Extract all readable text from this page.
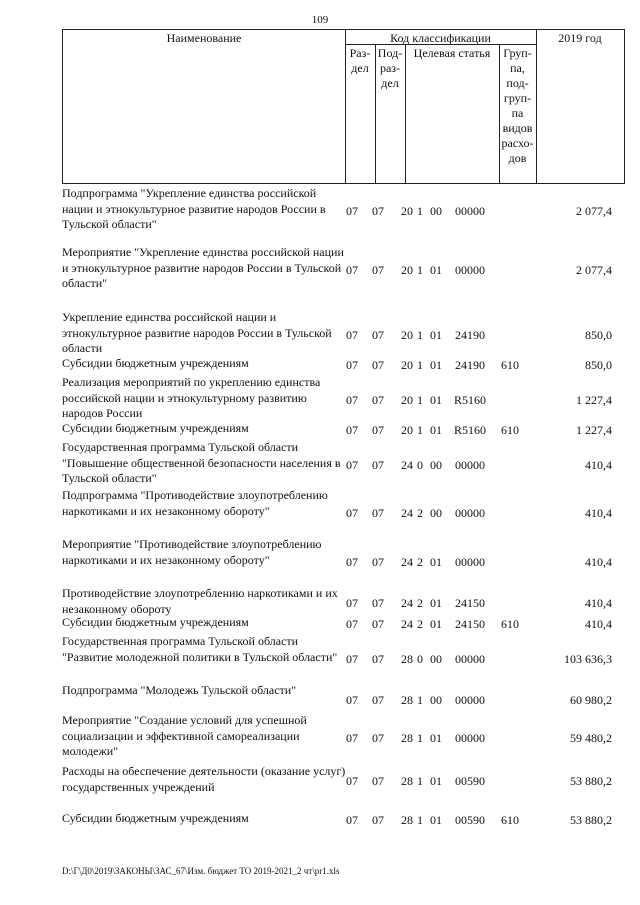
109
Наименование	Код классификации
Раз-
дел
Под-
раз-
дел
Целевая статья	Груп-
па,
под-
груп-
па
видов
расхо-
дов
2019 год
Подпрограмма "Укрепление единства российской нации и этнокультурное развитие народов России в Тульской области"
07	07	20 1 00	00000	2 077,4
Мероприятие "Укрепление единства российской нации и этнокультурное развитие народов России в Тульской области"
07	07	20 1 01	00000	2 077,4
Укрепление единства российской нации и этнокультурное развитие народов России в Тульской области
07	07	20 1 01	24190	850,0
Субсидии бюджетным учреждениям	07	07	20 1 01	24190	610	850,0
Реализация мероприятий по укреплению единства российской нации и этнокультурному развитию народов России
07	07	20 1 01 R5160	1 227,4
Субсидии бюджетным учреждениям	07	07	20 1 01 R5160	610	1 227,4
Государственная программа Тульской области "Повышение общественной безопасности населения в Тульской области"
07	07	24 0 00	00000	410,4
Подпрограмма "Противодействие злоупотреблению наркотиками и их незаконному обороту"	07	07	24 2 00	00000	410,4
Мероприятие "Противодействие злоупотреблению наркотиками и их незаконному обороту"	07	07	24 2 01	00000	410,4
Противодействие злоупотреблению наркотиками и их незаконному обороту	07	07	24 2 01	24150	410,4
Субсидии бюджетным учреждениям	07	07	24 2 01	24150	610	410,4
Государственная программа Тульской области "Развитие молодежной политики в Тульской области" 07	07	28 0 00	00000	103 636,3
Подпрограмма "Молодежь Тульской области"
07	07	28 1 00	00000	60 980,2
Мероприятие "Создание условий для успешной социализации и эффективной самореализации молодежи"
07	07	28 1 01	00000	59 480,2
Расходы на обеспечение деятельности (оказание услуг) государственных учреждений	07	07	28 1 01	00590	53 880,2
Субсидии бюджетным учреждениям	07	07	28 1 01	00590	610	53 880,2
D:\Г\Д0\2019\ЗАКОНЫ\ЗАС_67\Изм. бюджет ТО 2019-2021_2 чт\pr1.xls
